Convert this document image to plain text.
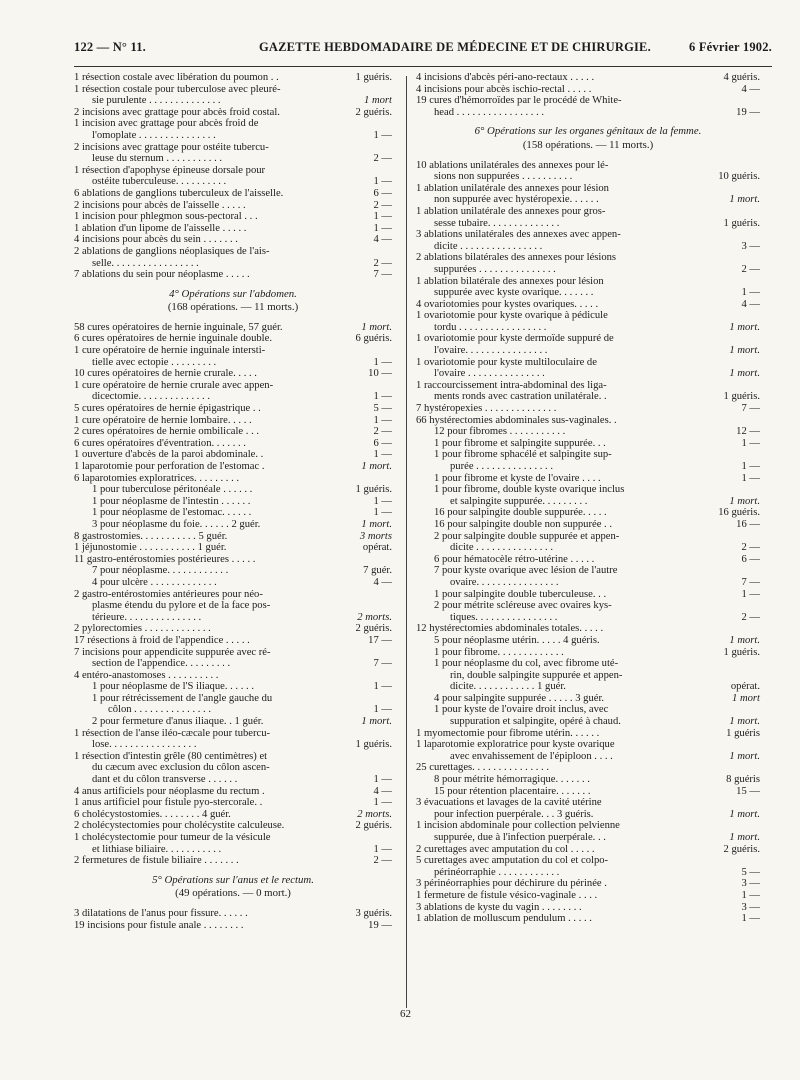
122 — N° 11.	GAZETTE HEBDOMADAIRE DE MÉDECINE ET DE CHIRURGIE.	6 Février 1902.
1 résection costale avec libération du poumon . .	1 guéris.
1 résection costale pour tuberculose avec pleuré-
sie purulente . . . . . . . . . . . . . .	1 mort
2 incisions avec grattage pour abcès froid costal.	2 guéris.
1 incision avec grattage pour abcès froid de
l'omoplate . . . . . . . . . . . . . . .	1 —
2 incisions avec grattage pour ostéite tubercu-
leuse du sternum . . . . . . . . . . .	2 —
1 résection d'apophyse épineuse dorsale pour
ostéite tuberculeuse. . . . . . . . . .	1 —
6 ablations de ganglions tuberculeux de l'aisselle.	6 —
2 incisions pour abcès de l'aisselle . . . . .	2 —
1 incision pour phlegmon sous-pectoral . . .	1 —
1 ablation d'un lipome de l'aisselle . . . . .	1 —
4 incisions pour abcès du sein . . . . . . .	4 —
2 ablations de ganglions néoplasiques de l'ais-
selle. . . . . . . . . . . . . . . . .	2 —
7 ablations du sein pour néoplasme . . . . .	7 —
4° Opérations sur l'abdomen.
(168 opérations. — 11 morts.)
58 cures opératoires de hernie inguinale, 57 guér.	1 mort.
6 cures opératoires de hernie inguinale double.	6 guéris.
1 cure opératoire de hernie inguinale intersti-
tielle avec ectopie . . . . . . . . .	1 —
10 cures opératoires de hernie crurale. . . . .	10 —
1 cure opératoire de hernie crurale avec appen-
dicectomie. . . . . . . . . . . . . .	1 —
5 cures opératoires de hernie épigastrique . .	5 —
1 cure opératoire de hernie lombaire. . . . .	1 —
2 cures opératoires de hernie ombilicale . . .	2 —
6 cures opératoires d'éventration. . . . . . .	6 —
1 ouverture d'abcès de la paroi abdominale. .	1 —
1 laparotomie pour perforation de l'estomac .	1 mort.
6 laparotomies exploratrices. . . . . . . . .
1 pour tuberculose péritonéale . . . . . .	1 guéris.
1 pour néoplasme de l'intestin . . . . . .	1 —
1 pour néoplasme de l'estomac. . . . . .	1 —
3 pour néoplasme du foie. . . . . . 2 guér.	1 mort.
8 gastrostomies. . . . . . . . . . . 5 guér.	3 morts
1 jéjunostomie . . . . . . . . . . . 1 guér.	opérat.
11 gastro-entérostomies postérieures . . . . .
7 pour néoplasme. . . . . . . . . . . .	7 guér.
4 pour ulcère . . . . . . . . . . . . .	4 —
2 gastro-entérostomies antérieures pour néo-
plasme étendu du pylore et de la face pos-
térieure. . . . . . . . . . . . . . .	2 morts.
2 pylorectomies . . . . . . . . . . . . .	2 guéris.
17 résections à froid de l'appendice . . . . .	17 —
7 incisions pour appendicite suppurée avec ré-
section de l'appendice. . . . . . . . .	7 —
4 entéro-anastomoses . . . . . . . . . .
1 pour néoplasme de l'S iliaque. . . . . .	1 —
1 pour rétrécissement de l'angle gauche du
côlon . . . . . . . . . . . . . . .	1 —
2 pour fermeture d'anus iliaque. . 1 guér.	1 mort.
1 résection de l'anse iléo-cæcale pour tubercu-
lose. . . . . . . . . . . . . . . . .	1 guéris.
1 résection d'intestin grêle (80 centimètres) et
du cæcum avec exclusion du côlon ascen-
dant et du côlon transverse . . . . . .	1 —
4 anus artificiels pour néoplasme du rectum .	4 —
1 anus artificiel pour fistule pyo-stercorale. .	1 —
6 cholécystostomies. . . . . . . . 4 guér.	2 morts.
2 cholécystectomies pour cholécystite calculeuse.	2 guéris.
1 cholécystectomie pour tumeur de la vésicule
et lithiase biliaire. . . . . . . . . . .	1 —
2 fermetures de fistule biliaire . . . . . . .	2 —
5° Opérations sur l'anus et le rectum.
(49 opérations. — 0 mort.)
3 dilatations de l'anus pour fissure. . . . . .	3 guéris.
19 incisions pour fistule anale . . . . . . . .	19 —
4 incisions d'abcès péri-ano-rectaux . . . . .	4 guéris.
4 incisions pour abcès ischio-rectal . . . . .	4 —
19 cures d'hémorroïdes par le procédé de White-
head . . . . . . . . . . . . . . . . .	19 —
6° Opérations sur les organes génitaux de la femme.
(158 opérations. — 11 morts.)
10 ablations unilatérales des annexes pour lé-
sions non suppurées . . . . . . . . . .	10 guéris.
1 ablation unilatérale des annexes pour lésion
non suppurée avec hystéropexie. . . . . .	1 mort.
1 ablation unilatérale des annexes pour gros-
sesse tubaire. . . . . . . . . . . . . .	1 guéris.
3 ablations unilatérales des annexes avec appen-
dicite . . . . . . . . . . . . . . . .	3 —
2 ablations bilatérales des annexes pour lésions
suppurées . . . . . . . . . . . . . . .	2 —
1 ablation bilatérale des annexes pour lésion
suppurée avec kyste ovarique. . . . . . .	1 —
4 ovariotomies pour kystes ovariques. . . . .	4 —
1 ovariotomie pour kyste ovarique à pédicule
tordu . . . . . . . . . . . . . . . . .	1 mort.
1 ovariotomie pour kyste dermoïde suppuré de
l'ovaire. . . . . . . . . . . . . . . .	1 mort.
1 ovariotomie pour kyste multiloculaire de
l'ovaire . . . . . . . . . . . . . . .	1 mort.
1 raccourcissement intra-abdominal des liga-
ments ronds avec castration unilatérale. .	1 guéris.
7 hystéropexies . . . . . . . . . . . . . .	7 —
66 hystérectomies abdominales sus-vaginales. .
12 pour fibromes . . . . . . . . . . .	12 —
1 pour fibrome et salpingite suppurée. . .	1 —
1 pour fibrome sphacélé et salpingite sup-
purée . . . . . . . . . . . . . . .	1 —
1 pour fibrome et kyste de l'ovaire . . . .	1 —
1 pour fibrome, double kyste ovarique inclus
et salpingite suppurée. . . . . . . . .	1 mort.
16 pour salpingite double suppurée. . . . .	16 guéris.
16 pour salpingite double non suppurée . .	16 —
2 pour salpingite double suppurée et appen-
dicite . . . . . . . . . . . . . . .	2 —
6 pour hématocèle rétro-utérine . . . . .	6 —
7 pour kyste ovarique avec lésion de l'autre
ovaire. . . . . . . . . . . . . . . .	7 —
1 pour salpingite double tuberculeuse. . .	1 —
2 pour métrite scléreuse avec ovaires kys-
tiques. . . . . . . . . . . . . . . .	2 —
12 hystérectomies abdominales totales. . . . .
5 pour néoplasme utérin. . . . . 4 guéris.	1 mort.
1 pour fibrome. . . . . . . . . . . . .	1 guéris.
1 pour néoplasme du col, avec fibrome uté-
rin, double salpingite suppurée et appen-
dicite. . . . . . . . . . . . 1 guér.	opérat.
4 pour salpingite suppurée . . . . . 3 guér.	1 mort
1 pour kyste de l'ovaire droit inclus, avec
suppuration et salpingite, opéré à chaud.	1 mort.
1 myomectomie pour fibrome utérin. . . . . .	1 guéris
1 laparotomie exploratrice pour kyste ovarique
avec envahissement de l'épiploon . . . .	1 mort.
25 curettages. . . . . . . . . . . . . . .
8 pour métrite hémorragique. . . . . . .	8 guéris
15 pour rétention placentaire. . . . . . .	15 —
3 évacuations et lavages de la cavité utérine
pour infection puerpérale. . . 3 guéris.	1 mort.
1 incision abdominale pour collection pelvienne
suppurée, due à l'infection puerpérale. . .	1 mort.
2 curettages avec amputation du col . . . . .	2 guéris.
5 curettages avec amputation du col et colpo-
périnéorraphie . . . . . . . . . . . .	5 —
3 périnéorraphies pour déchirure du périnée .	3 —
1 fermeture de fistule vésico-vaginale . . . .	1 —
3 ablations de kyste du vagin . . . . . . . .	3 —
1 ablation de molluscum pendulum . . . . .	1 —
62
